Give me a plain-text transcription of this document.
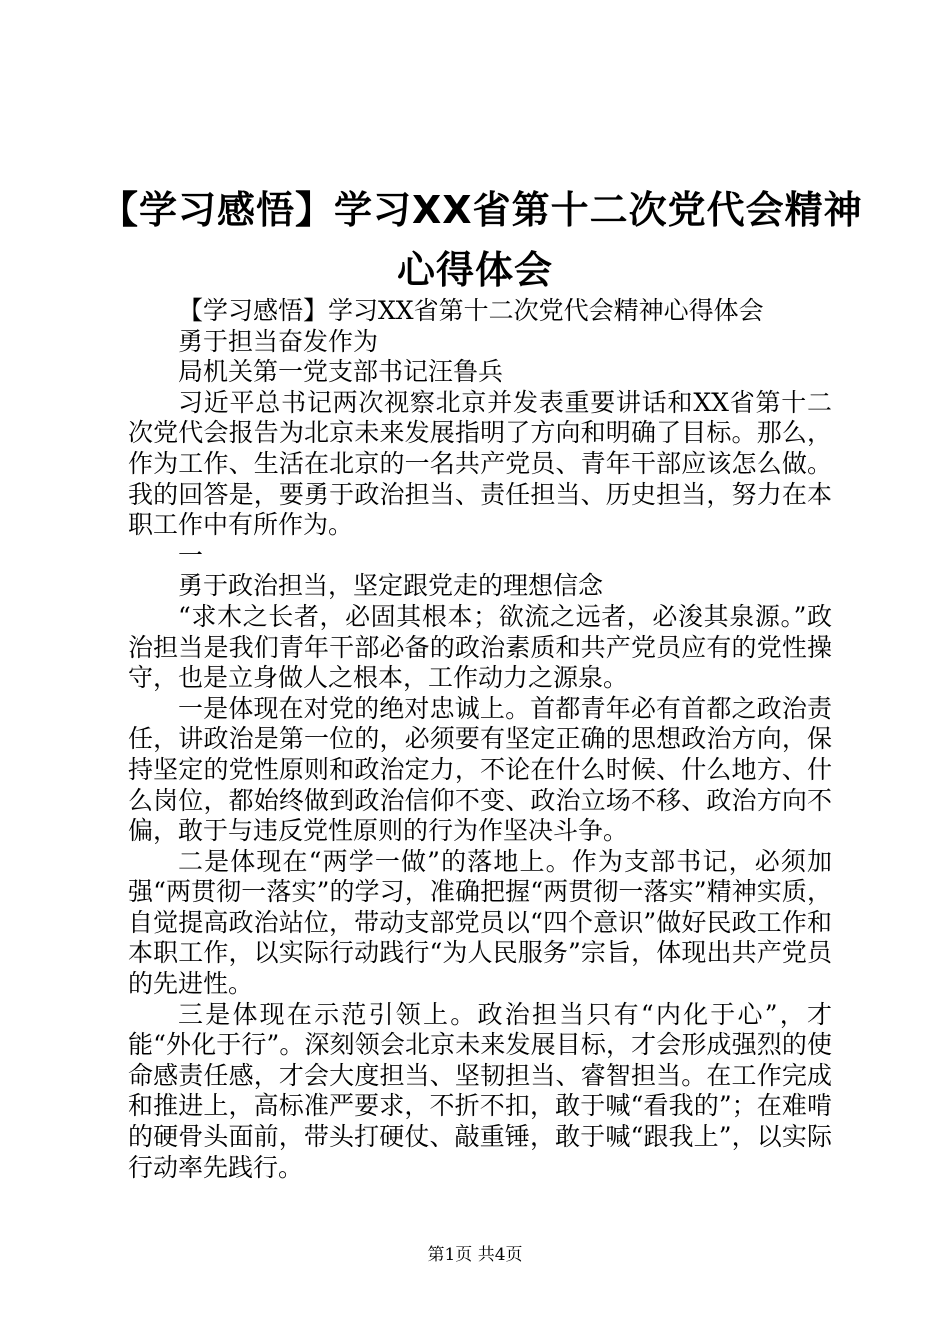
【学习感悟】学习XX省第十二次党代会精神
心得体会

【学习感悟】学习XX省第十二次党代会精神心得体会

勇于担当奋发作为

局机关第一党支部书记汪鲁兵

习近平总书记两次视察北京并发表重要讲话和XX省第十二次党代会报告为北京未来发展指明了方向和明确了目标。那么，作为工作、生活在北京的一名共产党员、青年干部应该怎么做。我的回答是，要勇于政治担当、责任担当、历史担当，努力在本职工作中有所作为。

一

勇于政治担当，坚定跟党走的理想信念

“求木之长者，必固其根本；欲流之远者，必浚其泉源。”政治担当是我们青年干部必备的政治素质和共产党员应有的党性操守，也是立身做人之根本，工作动力之源泉。

一是体现在对党的绝对忠诚上。首都青年必有首都之政治责任，讲政治是第一位的，必须要有坚定正确的思想政治方向，保持坚定的党性原则和政治定力，不论在什么时候、什么地方、什么岗位，都始终做到政治信仰不变、政治立场不移、政治方向不偏，敢于与违反党性原则的行为作坚决斗争。

二是体现在“两学一做”的落地上。作为支部书记，必须加强“两贯彻一落实”的学习，准确把握“两贯彻一落实”精神实质，自觉提高政治站位，带动支部党员以“四个意识”做好民政工作和本职工作，以实际行动践行“为人民服务”宗旨，体现出共产党员的先进性。

三是体现在示范引领上。政治担当只有“内化于心”，才能“外化于行”。深刻领会北京未来发展目标，才会形成强烈的使命感责任感，才会大度担当、坚韧担当、睿智担当。在工作完成和推进上，高标准严要求，不折不扣，敢于喊“看我的”；在难啃的硬骨头面前，带头打硬仗、敲重锤，敢于喊“跟我上”，以实际行动率先践行。

第1页 共4页
